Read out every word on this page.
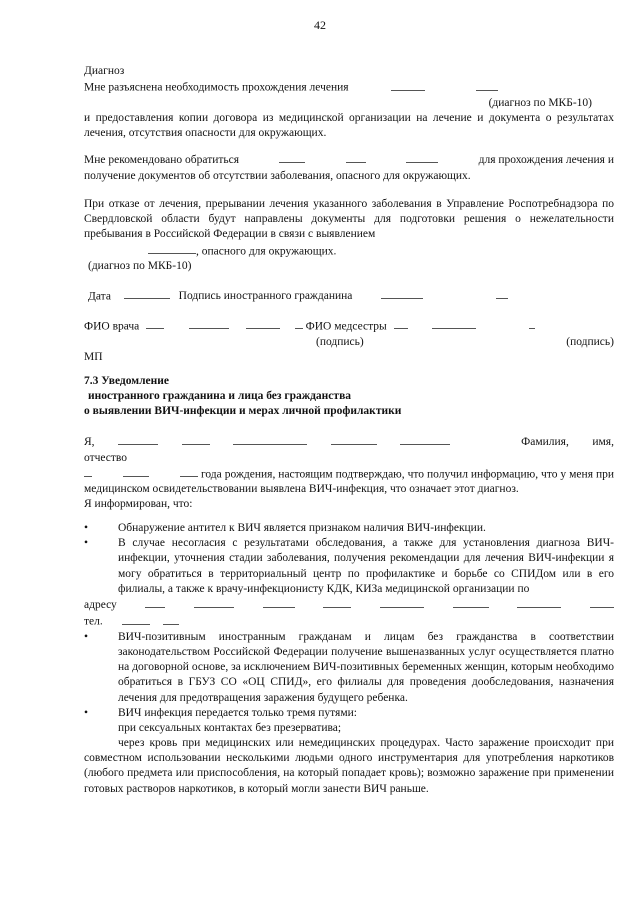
42
Диагноз
Мне разъяснена необходимость прохождения лечения
(диагноз по МКБ-10)
и предоставления копии договора из медицинской организации на лечение и документа о результатах лечения, отсутствия опасности для окружающих.
Мне рекомендовано обратиться	для прохождения лечения и
получение документов об отсутствии заболевания, опасного для окружающих.
При отказе от лечения, прерывании лечения указанного заболевания в Управление Роспотребнадзора по Свердловской области будут направлены документы для подготовки решения о нежелательности пребывания в Российской Федерации в связи с выявлением
, опасного для окружающих.
(диагноз по МКБ-10)
Дата	Подпись иностранного гражданина
ФИО врача	ФИО медсестры
(подпись)	(подпись)
МП
7.3 Уведомление
иностранного гражданина и лица без гражданства
о выявлении ВИЧ-инфекции и мерах личной профилактики
Я,	Фамилия, имя,
отчество
года рождения, настоящим подтверждаю, что получил информацию, что у меня при медицинском освидетельствовании выявлена ВИЧ-инфекция, что означает этот диагноз.
Я информирован, что:
•	Обнаружение антител к ВИЧ является признаком наличия ВИЧ-инфекции.
•	В случае несогласия с результатами обследования, а также для установления диагноза ВИЧ-инфекции, уточнения стадии заболевания, получения рекомендации для лечения ВИЧ-инфекции я могу обратиться в территориальный центр по профилактике и борьбе со СПИДом или в его филиалы, а также к врачу-инфекционисту КДК, КИЗа медицинской организации по
адресу
тел.
•	ВИЧ-позитивным иностранным гражданам и лицам без гражданства в соответствии законодательством Российской Федерации получение вышеназванных услуг осуществляется платно на договорной основе, за исключением ВИЧ-позитивных беременных женщин, которым необходимо обратиться в ГБУЗ СО «ОЦ СПИД», его филиалы для проведения дообследования, назначения лечения для предотвращения заражения будущего ребенка.
•	ВИЧ инфекция передается только тремя путями:
при сексуальных контактах без презерватива;
через кровь при медицинских или немедицинских процедурах. Часто заражение происходит при совместном использовании несколькими людьми одного инструментария для употребления наркотиков (любого предмета или приспособления, на который попадает кровь); возможно заражение при применении готовых растворов наркотиков, в который могли занести ВИЧ раньше.
